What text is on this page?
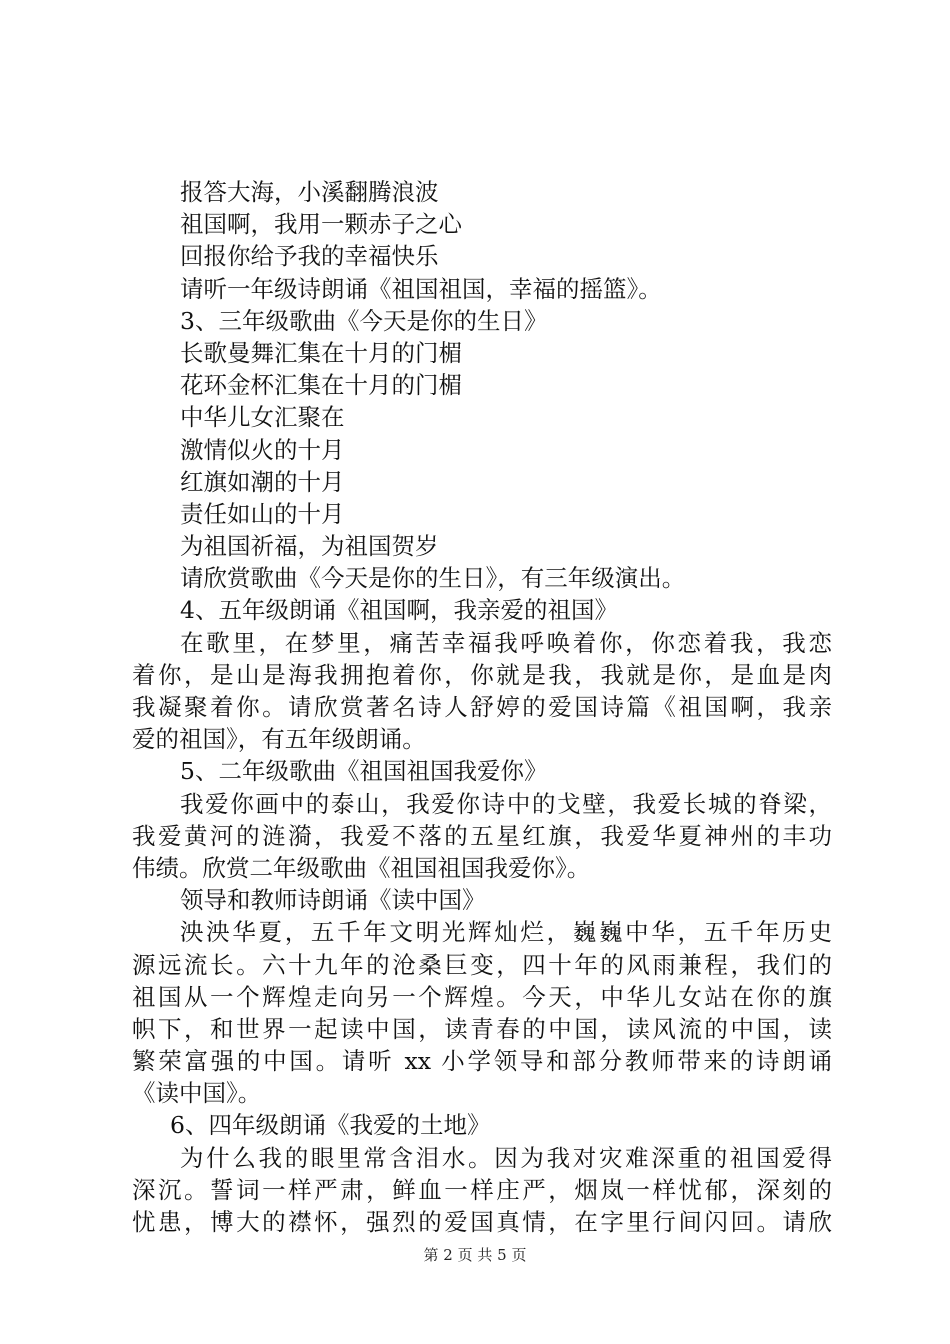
报答大海，小溪翻腾浪波
祖国啊，我用一颗赤子之心
回报你给予我的幸福快乐
请听一年级诗朗诵《祖国祖国，幸福的摇篮》。
3、三年级歌曲《今天是你的生日》
长歌曼舞汇集在十月的门楣
花环金杯汇集在十月的门楣
中华儿女汇聚在
激情似火的十月
红旗如潮的十月
责任如山的十月
为祖国祈福，为祖国贺岁
请欣赏歌曲《今天是你的生日》，有三年级演出。
4、五年级朗诵《祖国啊，我亲爱的祖国》
在歌里，在梦里，痛苦幸福我呼唤着你，你恋着我，我恋
着你，是山是海我拥抱着你，你就是我，我就是你，是血是肉
我凝聚着你。请欣赏著名诗人舒婷的爱国诗篇《祖国啊，我亲
爱的祖国》，有五年级朗诵。
5、二年级歌曲《祖国祖国我爱你》
我爱你画中的泰山，我爱你诗中的戈壁，我爱长城的脊梁，
我爱黄河的涟漪，我爱不落的五星红旗，我爱华夏神州的丰功
伟绩。欣赏二年级歌曲《祖国祖国我爱你》。
领导和教师诗朗诵《读中国》
泱泱华夏，五千年文明光辉灿烂，巍巍中华，五千年历史
源远流长。六十九年的沧桑巨变，四十年的风雨兼程，我们的
祖国从一个辉煌走向另一个辉煌。今天，中华儿女站在你的旗
帜下，和世界一起读中国，读青春的中国，读风流的中国，读
繁荣富强的中国。请听 xx 小学领导和部分教师带来的诗朗诵
《读中国》。
6、四年级朗诵《我爱的土地》
为什么我的眼里常含泪水。因为我对灾难深重的祖国爱得
深沉。誓词一样严肃，鲜血一样庄严，烟岚一样忧郁，深刻的
忧患，博大的襟怀，强烈的爱国真情，在字里行间闪回。请欣
第 2 页 共 5 页
